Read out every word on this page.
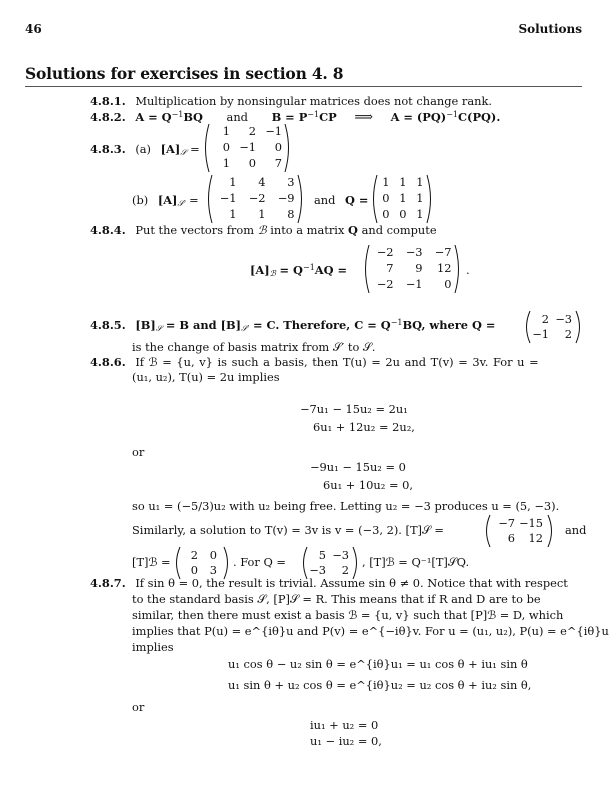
46	Solutions
Solutions for exercises in section 4. 8
4.8.1. Multiplication by nonsingular matrices does not change rank.
4.8.2. $A = Q^{-1}BQ$ and $B = P^{-1}CP$ ⟹ A = (PQ)$^{-1}$C(PQ).
4.8.3. (a) $[A]_𝒮$ =
1	2 −1
0 −1	0
1	0	7
(b) $[A]_{𝒮'}$ =
1	4	3
−1	−2	−9
1	1	8
and Q =
1 1 1
0 1 1
0 0 1
4.8.4. Put the vectors from ℬ into a matrix Q and compute
$[A]_ℬ = Q^{-1}AQ$ =
−2	−3	−7
7	9	12
−2	−1	0
.
4.8.5. $[B]_𝒮 = B$ and $[B]_{𝒮'} = C$. Therefore, $C = Q^{-1}BQ$, where Q =	2 −3
−1	2
is the change of basis matrix from 𝒮′ to 𝒮.
4.8.6. If ℬ = {u, v} is such a basis, then T(u) = 2u and T(v) = 3v. For u =
(u₁, u₂), T(u) = 2u implies
−7u₁ − 15u₂ = 2u₁
6u₁ + 12u₂ = 2u₂,
or
−9u₁ − 15u₂ = 0
6u₁ + 10u₂ = 0,
so u₁ = (−5/3)u₂ with u₂ being free. Letting u₂ = −3 produces u = (5, −3).
Similarly, a solution to T(v) = 3v is v = (−3, 2). [T]𝒮 =	−7 −15
6	12
and
[T]ℬ =	2	0
0	3
. For Q =	5 −3
−3	2
, [T]ℬ = Q⁻¹[T]𝒮Q.
4.8.7. If sin θ = 0, the result is trivial. Assume sin θ ≠ 0. Notice that with respect
to the standard basis 𝒮, [P]𝒮 = R. This means that if R and D are to be
similar, then there must exist a basis ℬ = {u, v} such that [P]ℬ = D, which
implies that P(u) = e^{iθ}u and P(v) = e^{−iθ}v. For u = (u₁, u₂), P(u) = e^{iθ}u
implies
u₁ cos θ − u₂ sin θ = e^{iθ}u₁ = u₁ cos θ + iu₁ sin θ
u₁ sin θ + u₂ cos θ = e^{iθ}u₂ = u₂ cos θ + iu₂ sin θ,
or
iu₁ + u₂ = 0
u₁ − iu₂ = 0,
